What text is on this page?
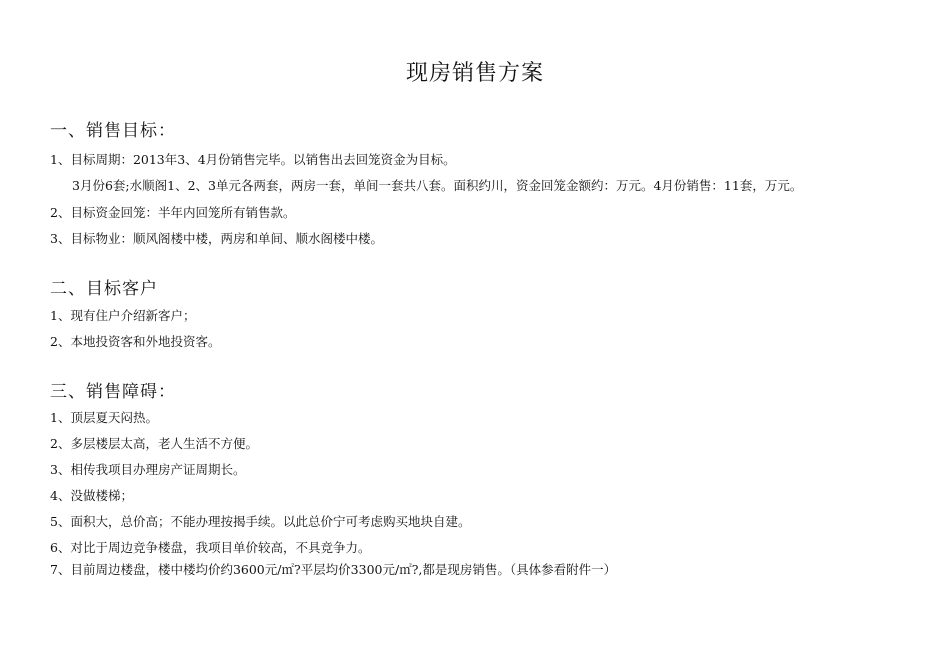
现房销售方案
一、销售目标：
1、目标周期：2013年3、4月份销售完毕。以销售出去回笼资金为目标。
3月份6套;水顺阁1、2、3单元各两套，两房一套，单间一套共八套。面积约川，资金回笼金额约：万元。4月份销售：11套，万元。
2、目标资金回笼：半年内回笼所有销售款。
3、目标物业：顺风阁楼中楼，两房和单间、顺水阁楼中楼。
二、目标客户
1、现有住户介绍新客户；
2、本地投资客和外地投资客。
三、销售障碍：
1、顶层夏天闷热。
2、多层楼层太高，老人生活不方便。
3、相传我项目办理房产证周期长。
4、没做楼梯；
5、面积大，总价高；不能办理按揭手续。以此总价宁可考虑购买地块自建。
6、对比于周边竞争楼盘，我项目单价较高，不具竞争力。
7、目前周边楼盘，楼中楼均价约3600元/㎡?平层均价3300元/㎡?,都是现房销售。（具体参看附件一）
